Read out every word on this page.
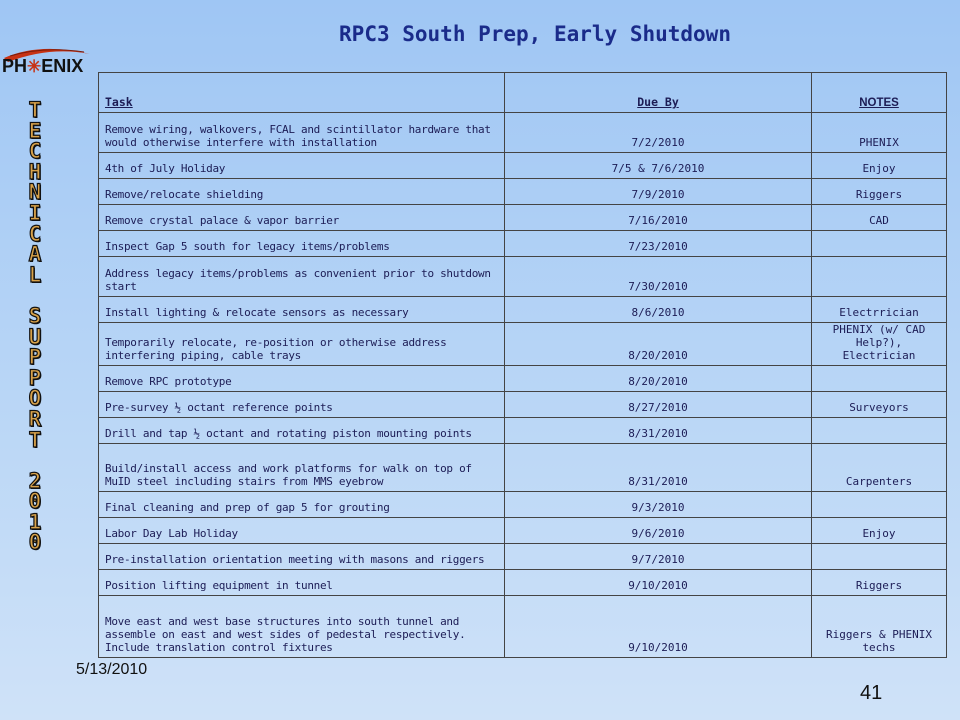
RPC3 South Prep, Early Shutdown
PH✳ENIX
T
E
C
H
N
I
C
A
L
S
U
P
P
O
R
T
2
0
1
0
Task	Due By	NOTES
Remove wiring, walkovers, FCAL and scintillator hardware that would otherwise interfere with installation	7/2/2010	PHENIX
4th of July Holiday	7/5 & 7/6/2010	Enjoy
Remove/relocate shielding	7/9/2010	Riggers
Remove crystal palace & vapor barrier	7/16/2010	CAD
Inspect Gap 5 south for legacy items/problems	7/23/2010	
Address legacy items/problems as convenient prior to shutdown start	7/30/2010	
Install lighting & relocate sensors as necessary	8/6/2010	Electrrician
Temporarily relocate, re-position or otherwise address interfering piping, cable trays	8/20/2010	PHENIX (w/ CAD Help?), Electrician
Remove RPC prototype	8/20/2010	
Pre-survey ½ octant reference points	8/27/2010	Surveyors
Drill and tap ½ octant and rotating piston mounting points	8/31/2010	
Build/install access and work platforms for walk on top of MuID steel including stairs from MMS eyebrow	8/31/2010	Carpenters
Final cleaning and prep of gap 5 for grouting	9/3/2010	
Labor Day Lab Holiday	9/6/2010	Enjoy
Pre-installation orientation meeting with masons and riggers	9/7/2010	
Position lifting equipment in tunnel	9/10/2010	Riggers
Move east and west base structures into south tunnel and assemble on east and west sides of pedestal respectively. Include translation control fixtures	9/10/2010	Riggers & PHENIX techs
5/13/2010
41
